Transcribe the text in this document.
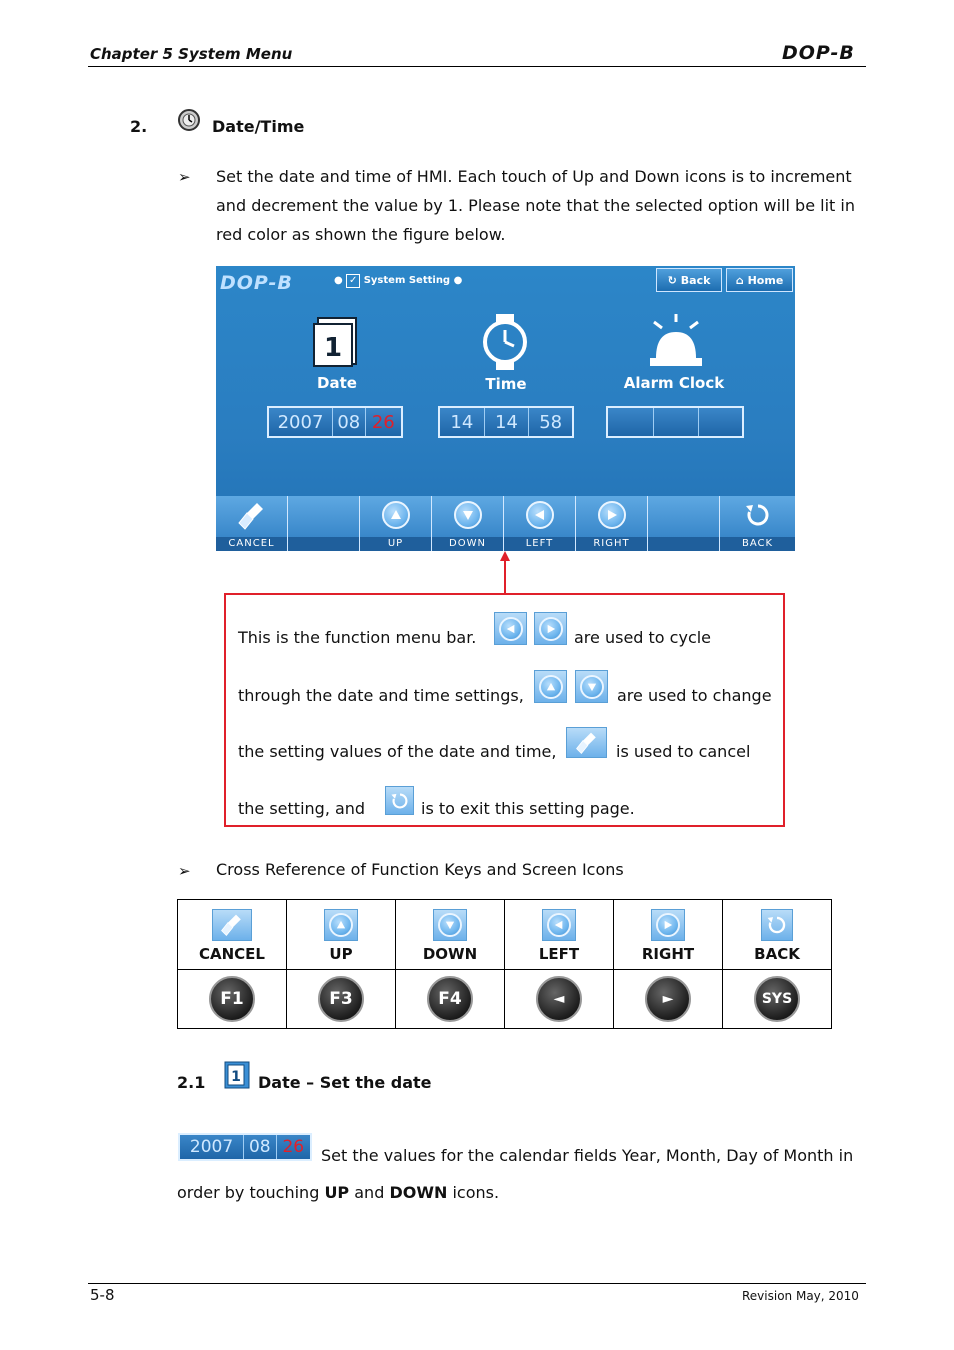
Chapter 5 System Menu	DOP-B
2.	Date/Time
➢ Set the date and time of HMI. Each touch of Up and Down icons is to increment
and decrement the value by 1. Please note that the selected option will be lit in
red color as shown the figure below.
DOP-B	● ✓ System Setting ●	↻ Back ⌂ Home
1
Date	Time	Alarm Clock
2007 08 26	14	14	58
CANCEL	UP	DOWN	LEFT	RIGHT	BACK
This is the function menu bar.	are used to cycle
through the date and time settings,	are used to change
the setting values of the date and time,	is used to cancel
the setting, and	is to exit this setting page.
➢ Cross Reference of Function Keys and Screen Icons
CANCEL	UP	DOWN	LEFT	RIGHT	BACK

F1	F3	F4	◄	►	SYS
2.1 1 Date – Set the date
2007 08 26	Set the values for the calendar fields Year, Month, Day of Month in
order by touching UP and DOWN icons.
5-8	Revision May, 2010
